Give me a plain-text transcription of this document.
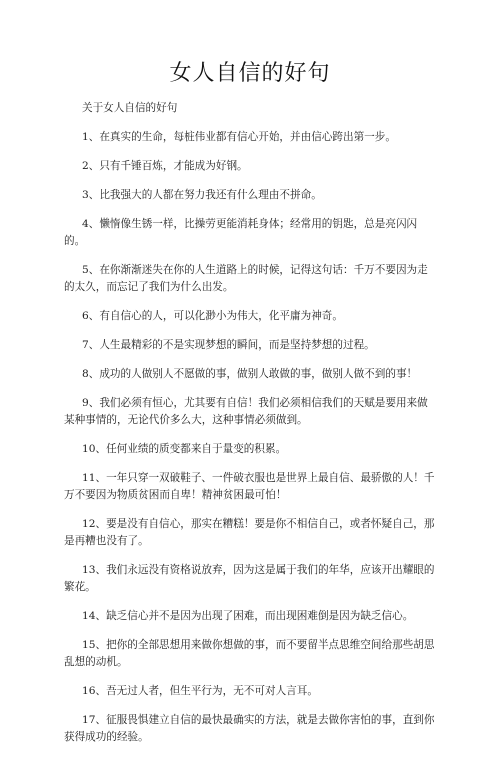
女人自信的好句

关于女人自信的好句

1、在真实的生命，每桩伟业都有信心开始，并由信心跨出第一步。

2、只有千锤百炼，才能成为好钢。

3、比我强大的人都在努力我还有什么理由不拼命。

4、懒惰像生锈一样，比操劳更能消耗身体；经常用的钥匙，总是亮闪闪的。

5、在你渐渐迷失在你的人生道路上的时候，记得这句话：千万不要因为走的太久，而忘记了我们为什么出发。

6、有自信心的人，可以化渺小为伟大，化平庸为神奇。

7、人生最精彩的不是实现梦想的瞬间，而是坚持梦想的过程。

8、成功的人做别人不愿做的事，做别人敢做的事，做别人做不到的事！

9、我们必须有恒心，尤其要有自信！我们必须相信我们的天赋是要用来做某种事情的，无论代价多么大，这种事情必须做到。

10、任何业绩的质变都来自于量变的积累。

11、一年只穿一双破鞋子、一件破衣服也是世界上最自信、最骄傲的人！千万不要因为物质贫困而自卑！精神贫困最可怕！

12、要是没有自信心，那实在糟糕！要是你不相信自己，或者怀疑自己，那是再糟也没有了。

13、我们永远没有资格说放弃，因为这是属于我们的年华，应该开出耀眼的繁花。

14、缺乏信心并不是因为出现了困难，而出现困难倒是因为缺乏信心。

15、把你的全部思想用来做你想做的事，而不要留半点思维空间给那些胡思乱想的动机。

16、吾无过人者，但生平行为，无不可对人言耳。

17、征服畏惧建立自信的最快最确实的方法，就是去做你害怕的事，直到你获得成功的经验。
